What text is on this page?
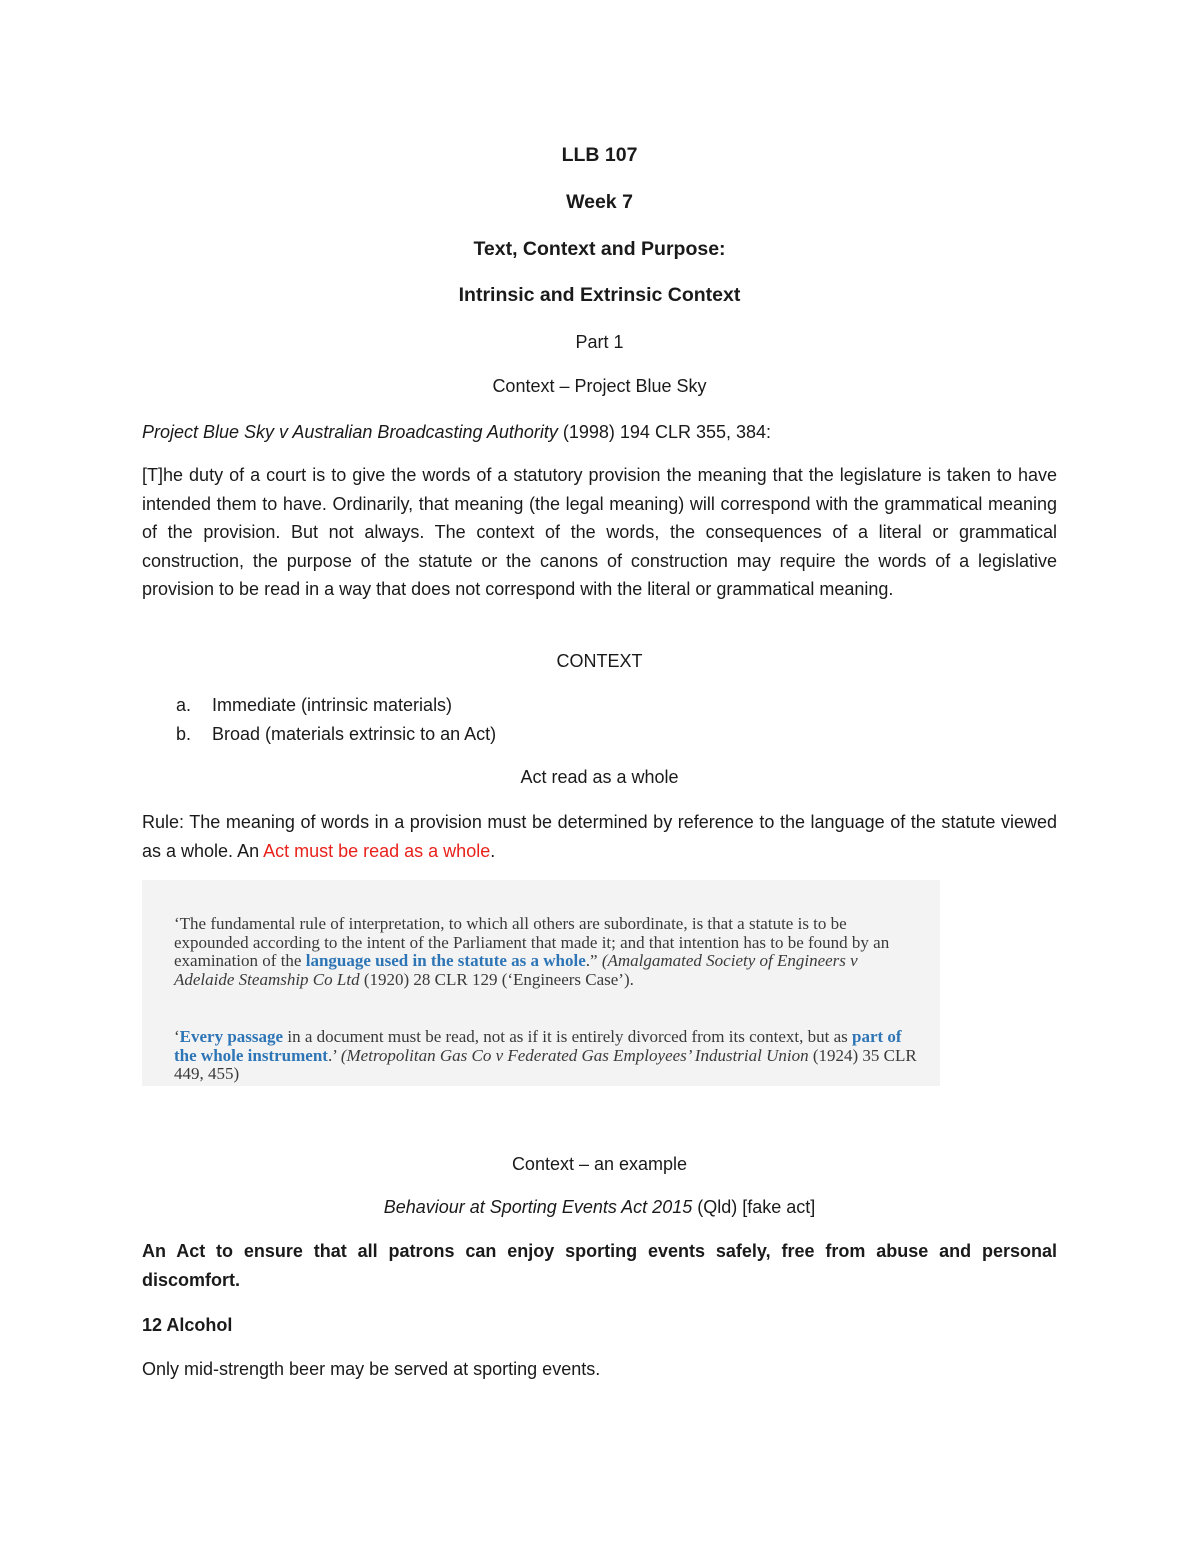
LLB 107

Week 7

Text, Context and Purpose:

Intrinsic and Extrinsic Context

Part 1

Context – Project Blue Sky

Project Blue Sky v Australian Broadcasting Authority (1998) 194 CLR 355, 384:

[T]he duty of a court is to give the words of a statutory provision the meaning that the legislature is taken to have intended them to have. Ordinarily, that meaning (the legal meaning) will correspond with the grammatical meaning of the provision. But not always. The context of the words, the consequences of a literal or grammatical construction, the purpose of the statute or the canons of construction may require the words of a legislative provision to be read in a way that does not correspond with the literal or grammatical meaning.

CONTEXT

a.	Immediate (intrinsic materials)
b.	Broad (materials extrinsic to an Act)

Act read as a whole

Rule: The meaning of words in a provision must be determined by reference to the language of the statute viewed as a whole. An Act must be read as a whole.

‘The fundamental rule of interpretation, to which all others are subordinate, is that a statute is to be expounded according to the intent of the Parliament that made it; and that intention has to be found by an examination of the language used in the statute as a whole.” (Amalgamated Society of Engineers v Adelaide Steamship Co Ltd (1920) 28 CLR 129 (‘Engineers Case’).

‘Every passage in a document must be read, not as if it is entirely divorced from its context, but as part of the whole instrument.’ (Metropolitan Gas Co v Federated Gas Employees’ Industrial Union (1924) 35 CLR 449, 455)

Context – an example

Behaviour at Sporting Events Act 2015 (Qld) [fake act]

An Act to ensure that all patrons can enjoy sporting events safely, free from abuse and personal discomfort.

12 Alcohol

Only mid-strength beer may be served at sporting events.
